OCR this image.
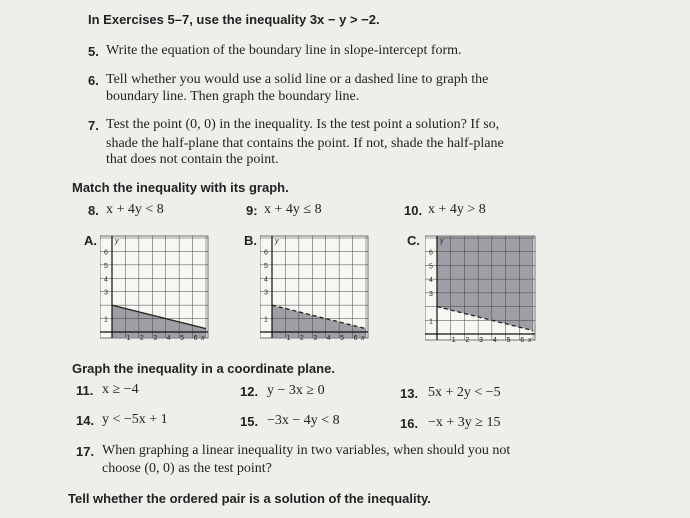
In Exercises 5–7, use the inequality 3x − y > −2.
5. Write the equation of the boundary line in slope-intercept form.
6. Tell whether you would use a solid line or a dashed line to graph the
boundary line. Then graph the boundary line.
7. Test the point (0, 0) in the inequality. Is the test point a solution? If so,
shade the half-plane that contains the point. If not, shade the half-plane
that does not contain the point.
Match the inequality with its graph.
8. x + 4y < 8	9: x + 4y ≤ 8	10. x + 4y > 8
A.	B.	C.
6
5
4
3
1
1 2 3 4 5 6
y
x
6
5
4
3
1
1 2 3 4 5 6
y
x
6
5
4
3
1
1 2 3 4 5 6
y
x
Graph the inequality in a coordinate plane.
11. x ≥ −4	12. y − 3x ≥ 0	13. 5x + 2y < −5
14. y < −5x + 1	15. −3x − 4y < 8	16. −x + 3y ≥ 15
17. When graphing a linear inequality in two variables, when should you not
choose (0, 0) as the test point?
Tell whether the ordered pair is a solution of the inequality.
